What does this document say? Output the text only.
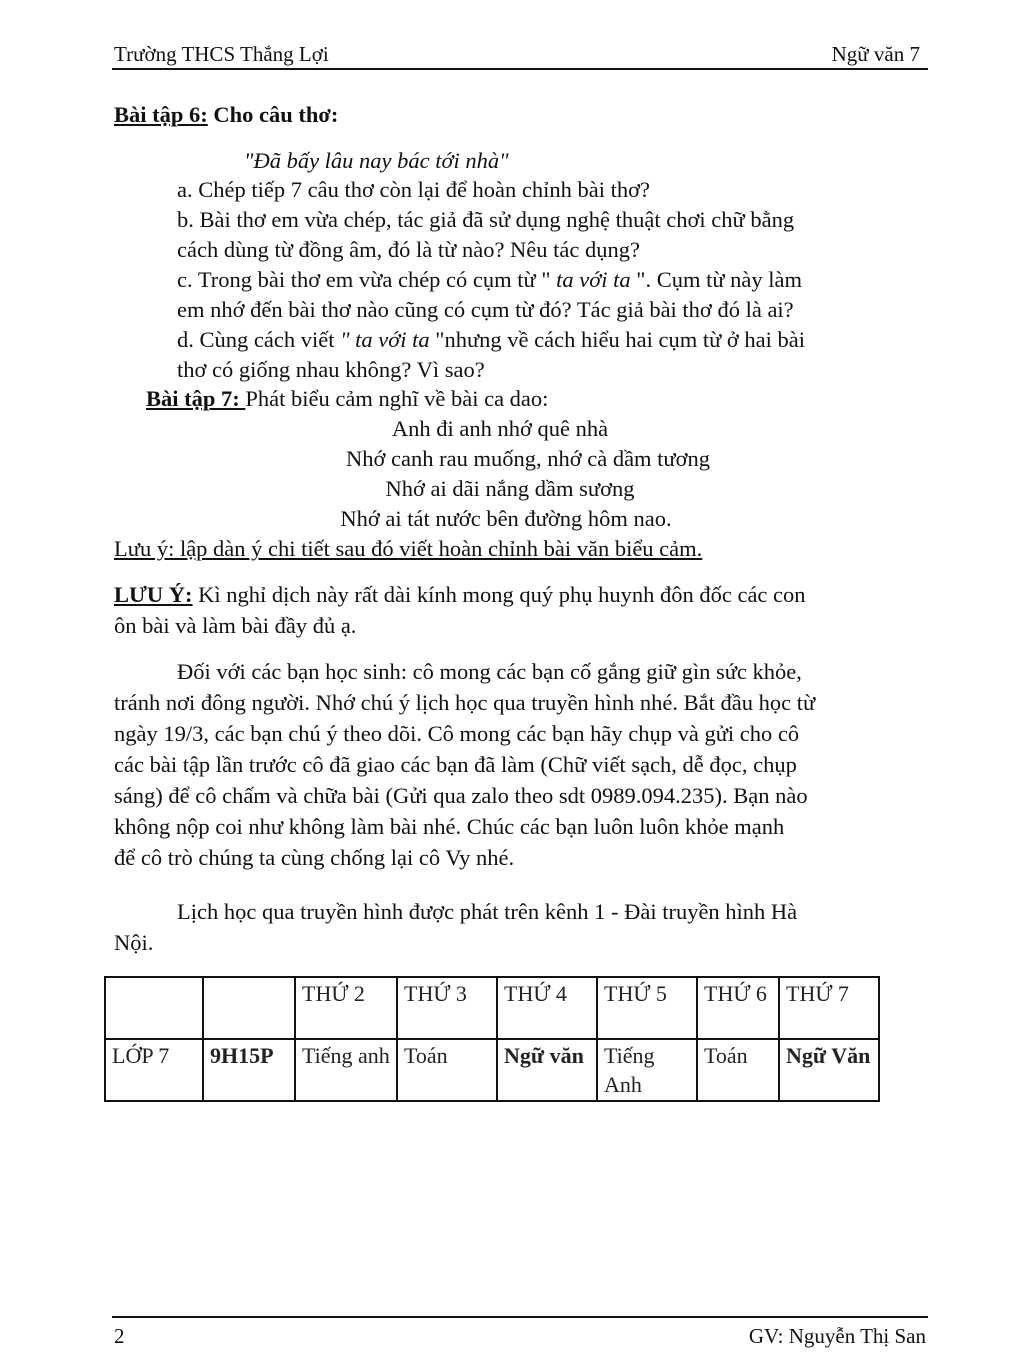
Trường THCS Thắng Lợi	Ngữ văn 7
Bài tập 6: Cho câu thơ:
"Đã bấy lâu nay bác tới nhà"
a. Chép tiếp 7 câu thơ còn lại để hoàn chỉnh bài thơ?
b. Bài thơ em vừa chép, tác giả đã sử dụng nghệ thuật chơi chữ bằng
cách dùng từ đồng âm, đó là từ nào? Nêu tác dụng?
c. Trong bài thơ em vừa chép có cụm từ " ta với ta ". Cụm từ này làm
em nhớ đến bài thơ nào cũng có cụm từ đó? Tác giả bài thơ đó là ai?
d. Cùng cách viết " ta với ta "nhưng về cách hiểu hai cụm từ ở hai bài
thơ có giống nhau không? Vì sao?
Bài tập 7: Phát biểu cảm nghĩ về bài ca dao:
Anh đi anh nhớ quê nhà
Nhớ canh rau muống, nhớ cà dầm tương
Nhớ ai dãi nắng dầm sương
Nhớ ai tát nước bên đường hôm nao.
Lưu ý: lập dàn ý chi tiết sau đó viết hoàn chỉnh bài văn biểu cảm.
LƯU Ý: Kì nghỉ dịch này rất dài kính mong quý phụ huynh đôn đốc các con
ôn bài và làm bài đầy đủ ạ.
Đối với các bạn học sinh: cô mong các bạn cố gắng giữ gìn sức khỏe,
tránh nơi đông người. Nhớ chú ý lịch học qua truyền hình nhé. Bắt đầu học từ
ngày 19/3, các bạn chú ý theo dõi. Cô mong các bạn hãy chụp và gửi cho cô
các bài tập lần trước cô đã giao các bạn đã làm (Chữ viết sạch, dễ đọc, chụp
sáng) để cô chấm và chữa bài (Gửi qua zalo theo sdt 0989.094.235). Bạn nào
không nộp coi như không làm bài nhé. Chúc các bạn luôn luôn khỏe mạnh
để cô trò chúng ta cùng chống lại cô Vy nhé.
Lịch học qua truyền hình được phát trên kênh 1 - Đài truyền hình Hà
Nội.
		THỨ 2	THỨ 3	THỨ 4	THỨ 5	THỨ 6	THỨ 7
LỚP 7	9H15P	Tiếng anh	Toán	Ngữ văn	Tiếng Anh	Toán	Ngữ Văn
2	GV: Nguyễn Thị San
